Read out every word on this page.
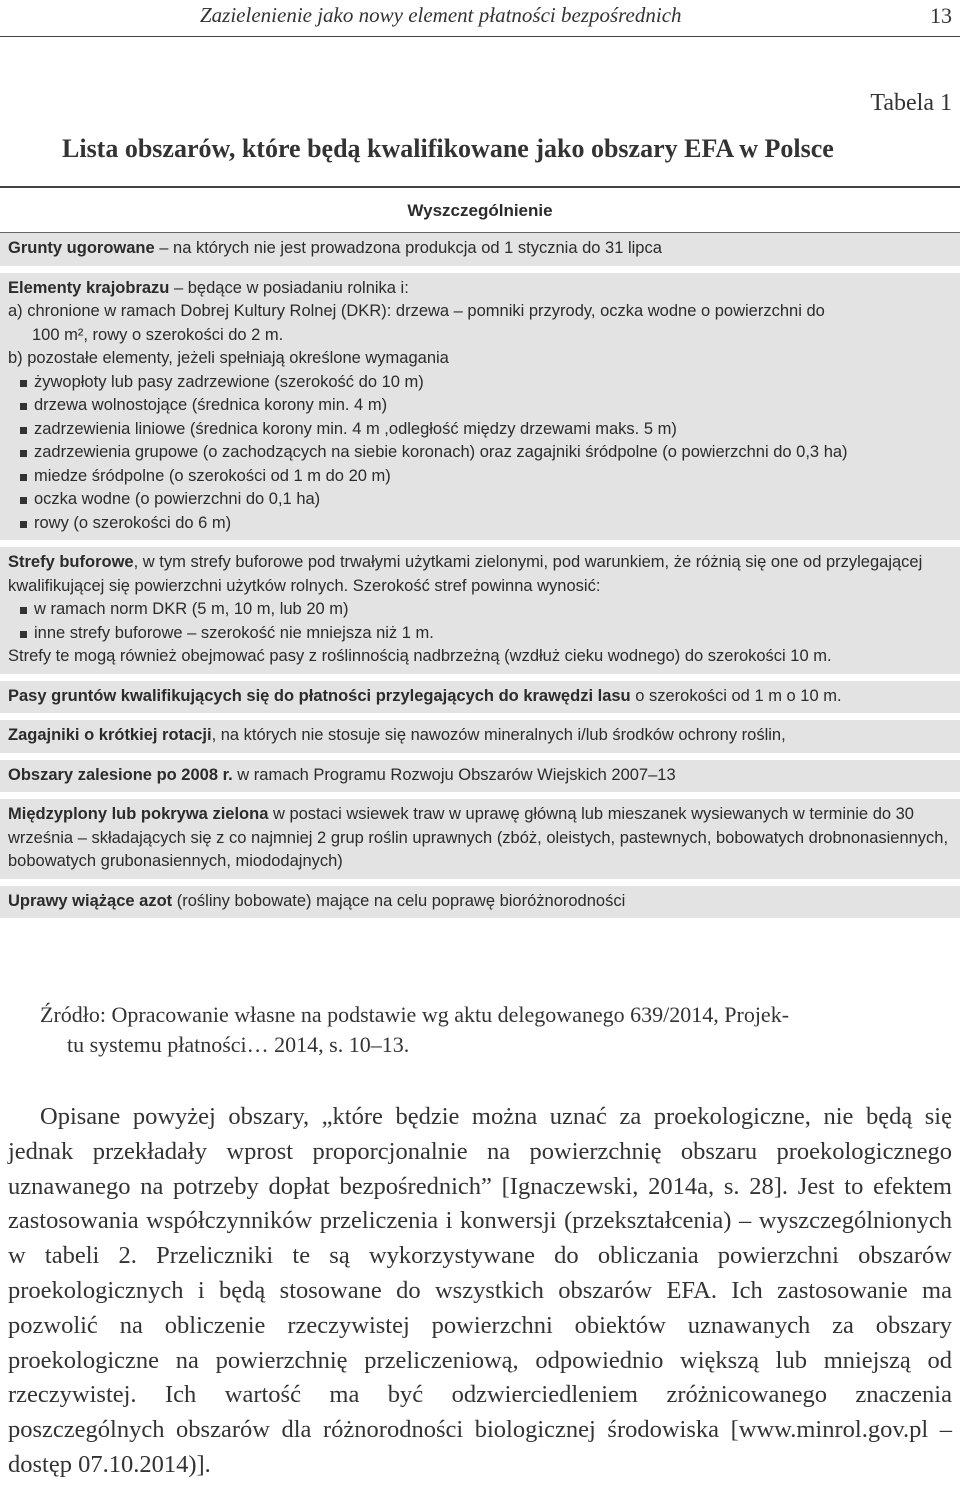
Zazielenienie jako nowy element płatności bezpośrednich	13
Tabela 1
Lista obszarów, które będą kwalifikowane jako obszary EFA w Polsce
Wyszczególnienie
Grunty ugorowane – na których nie jest prowadzona produkcja od 1 stycznia do 31 lipca
Elementy krajobrazu – będące w posiadaniu rolnika i:
a) chronione w ramach Dobrej Kultury Rolnej (DKR): drzewa – pomniki przyrody, oczka wodne o powierzchni do
100 m², rowy o szerokości do 2 m.
b) pozostałe elementy, jeżeli spełniają określone wymagania
żywopłoty lub pasy zadrzewione (szerokość do 10 m)
drzewa wolnostojące (średnica korony min. 4 m)
zadrzewienia liniowe (średnica korony min. 4 m ,odległość między drzewami maks. 5 m)
zadrzewienia grupowe (o zachodzących na siebie koronach) oraz zagajniki śródpolne (o powierzchni do 0,3 ha)
miedze śródpolne (o szerokości od 1 m do 20 m)
oczka wodne (o powierzchni do 0,1 ha)
rowy (o szerokości do 6 m)
Strefy buforowe, w tym strefy buforowe pod trwałymi użytkami zielonymi, pod warunkiem, że różnią się one od przylegającej kwalifikującej się powierzchni użytków rolnych. Szerokość stref powinna wynosić:
w ramach norm DKR (5 m, 10 m, lub 20 m)
inne strefy buforowe – szerokość nie mniejsza niż 1 m.
Strefy te mogą również obejmować pasy z roślinnością nadbrzeżną (wzdłuż cieku wodnego) do szerokości 10 m.
Pasy gruntów kwalifikujących się do płatności przylegających do krawędzi lasu o szerokości od 1 m o 10 m.
Zagajniki o krótkiej rotacji, na których nie stosuje się nawozów mineralnych i/lub środków ochrony roślin,
Obszary zalesione po 2008 r. w ramach Programu Rozwoju Obszarów Wiejskich 2007–13
Międzyplony lub pokrywa zielona w postaci wsiewek traw w uprawę główną lub mieszanek wysiewanych w terminie do 30 września – składających się z co najmniej 2 grup roślin uprawnych (zbóż, oleistych, pastewnych, bobowatych drobnonasiennych, bobowatych grubonasiennych, miododajnych)
Uprawy wiążące azot (rośliny bobowate) mające na celu poprawę bioróżnorodności
Źródło: Opracowanie własne na podstawie wg aktu delegowanego 639/2014, Projek-
tu systemu płatności… 2014, s. 10–13.

Opisane powyżej obszary, „które będzie można uznać za proekologiczne, nie będą się jednak przekładały wprost proporcjonalnie na powierzchnię obszaru proekologicznego uznawanego na potrzeby dopłat bezpośrednich” [Ignaczewski, 2014a, s. 28]. Jest to efektem zastosowania współczynników przeliczenia i konwersji (przekształcenia) – wyszczególnionych w tabeli 2. Przeliczniki te są wykorzystywane do obliczania powierzchni obszarów proekologicznych i będą stosowane do wszystkich obszarów EFA. Ich zastosowanie ma pozwolić na obliczenie rzeczywistej powierzchni obiektów uznawanych za obszary proekologiczne na powierzchnię przeliczeniową, odpowiednio większą lub mniejszą od rzeczywistej. Ich wartość ma być odzwierciedleniem zróżnicowanego znaczenia poszczególnych obszarów dla różnorodności biologicznej środowiska [www.minrol.gov.pl – dostęp 07.10.2014)].
